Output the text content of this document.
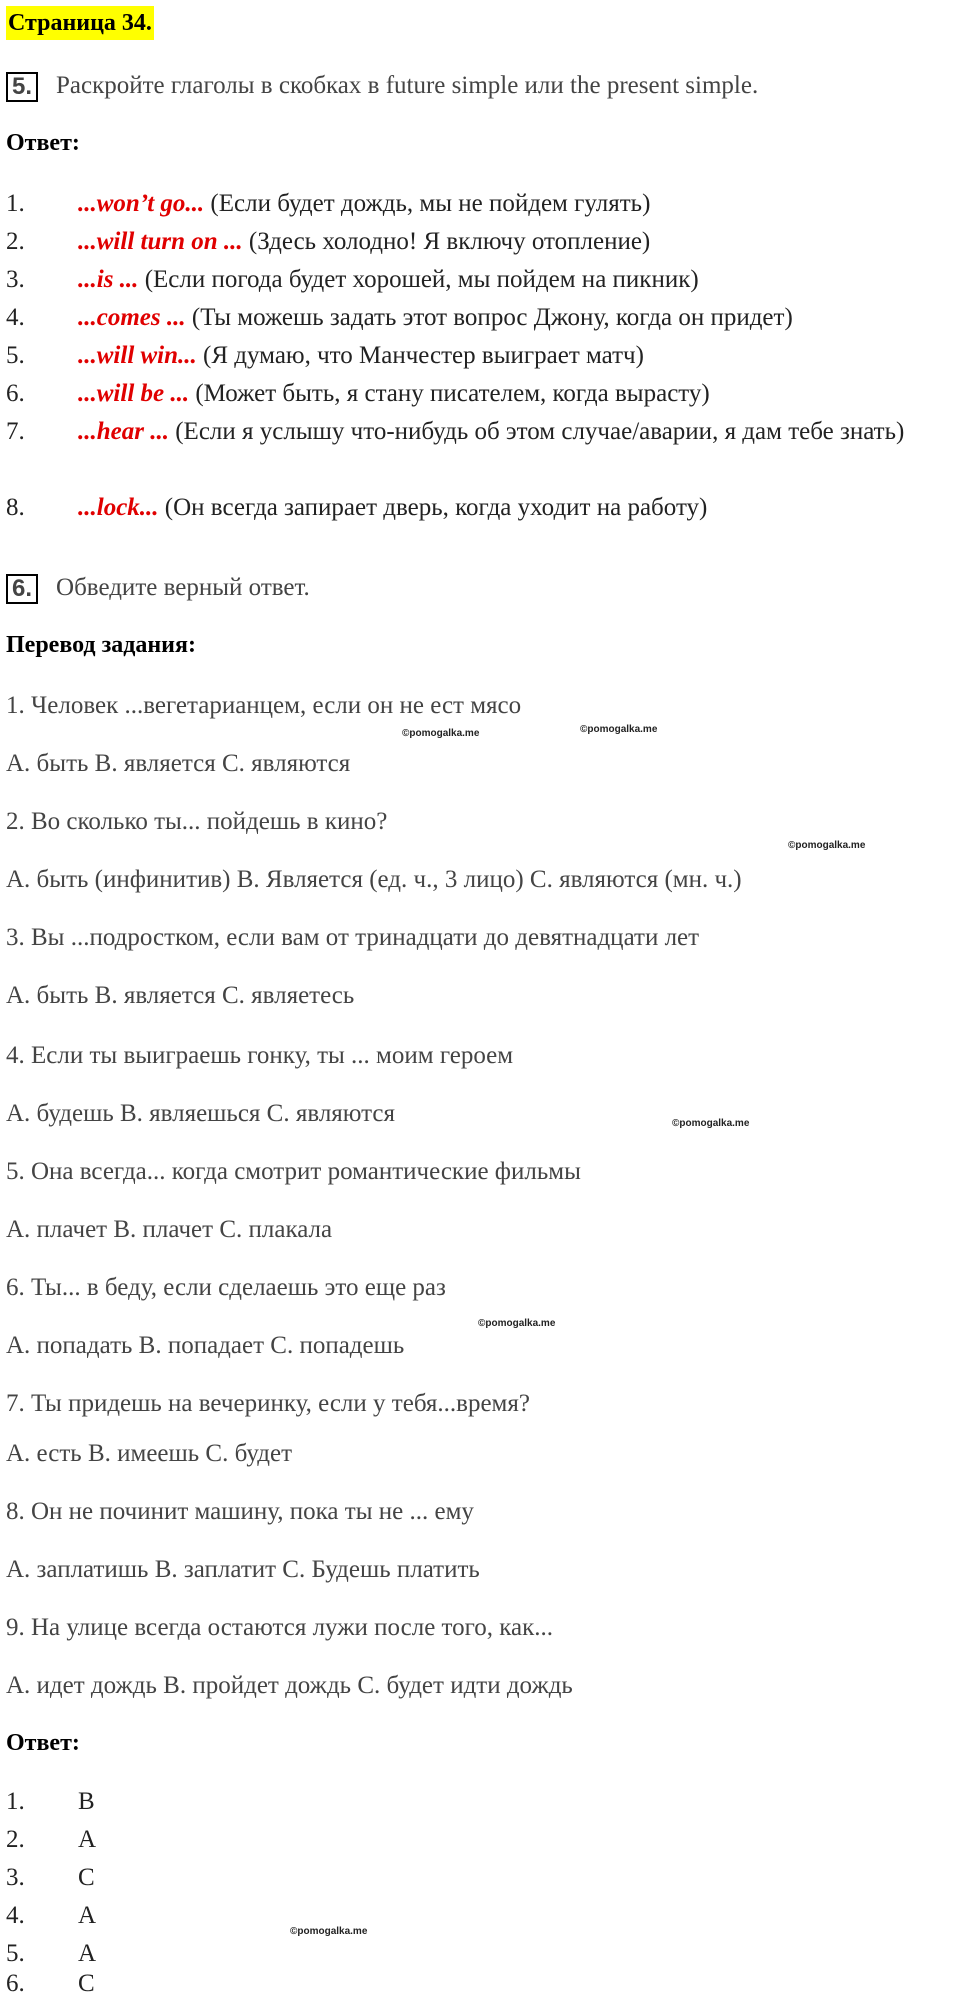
Страница 34.
5. Раскройте глаголы в скобках в future simple или the present simple.
Ответ:
1. ...won’t go... (Если будет дождь, мы не пойдем гулять)
2. ...will turn on ... (Здесь холодно! Я включу отопление)
3. ...is ... (Если погода будет хорошей, мы пойдем на пикник)
4. ...comes ... (Ты можешь задать этот вопрос Джону, когда он придет)
5. ...will win... (Я думаю, что Манчестер выиграет матч)
6. ...will be ... (Может быть, я стану писателем, когда вырасту)
7. ...hear ... (Если я услышу что-нибудь об этом случае/аварии, я дам тебе знать)
8. ...lock... (Он всегда запирает дверь, когда уходит на работу)
6. Обведите верный ответ.
Перевод задания:
1. Человек ...вегетарианцем, если он не ест мясо
A. быть B. является C. являются
2. Во сколько ты... пойдешь в кино?
A. быть (инфинитив) B. Является (ед. ч., 3 лицо) C. являются (мн. ч.)
3. Вы ...подростком, если вам от тринадцати до девятнадцати лет
A. быть B. является C. являетесь
4. Если ты выиграешь гонку, ты ... моим героем
A. будешь B. являешься C. являются
5. Она всегда... когда смотрит романтические фильмы
A. плачет B. плачет C. плакала
6. Ты... в беду, если сделаешь это еще раз
A. попадать B. попадает C. попадешь
7. Ты придешь на вечеринку, если у тебя...время?
A. есть B. имеешь C. будет
8. Он не починит машину, пока ты не ... ему
A. заплатишь B. заплатит C. Будешь платить
9. На улице всегда остаются лужи после того, как...
A. идет дождь B. пройдет дождь C. будет идти дождь
Ответ:
1. B
2. A
3. C
4. A
5. A
6. C
©pomogalka.me	©pomogalka.me
©pomogalka.me
©pomogalka.me
©pomogalka.me
©pomogalka.me
